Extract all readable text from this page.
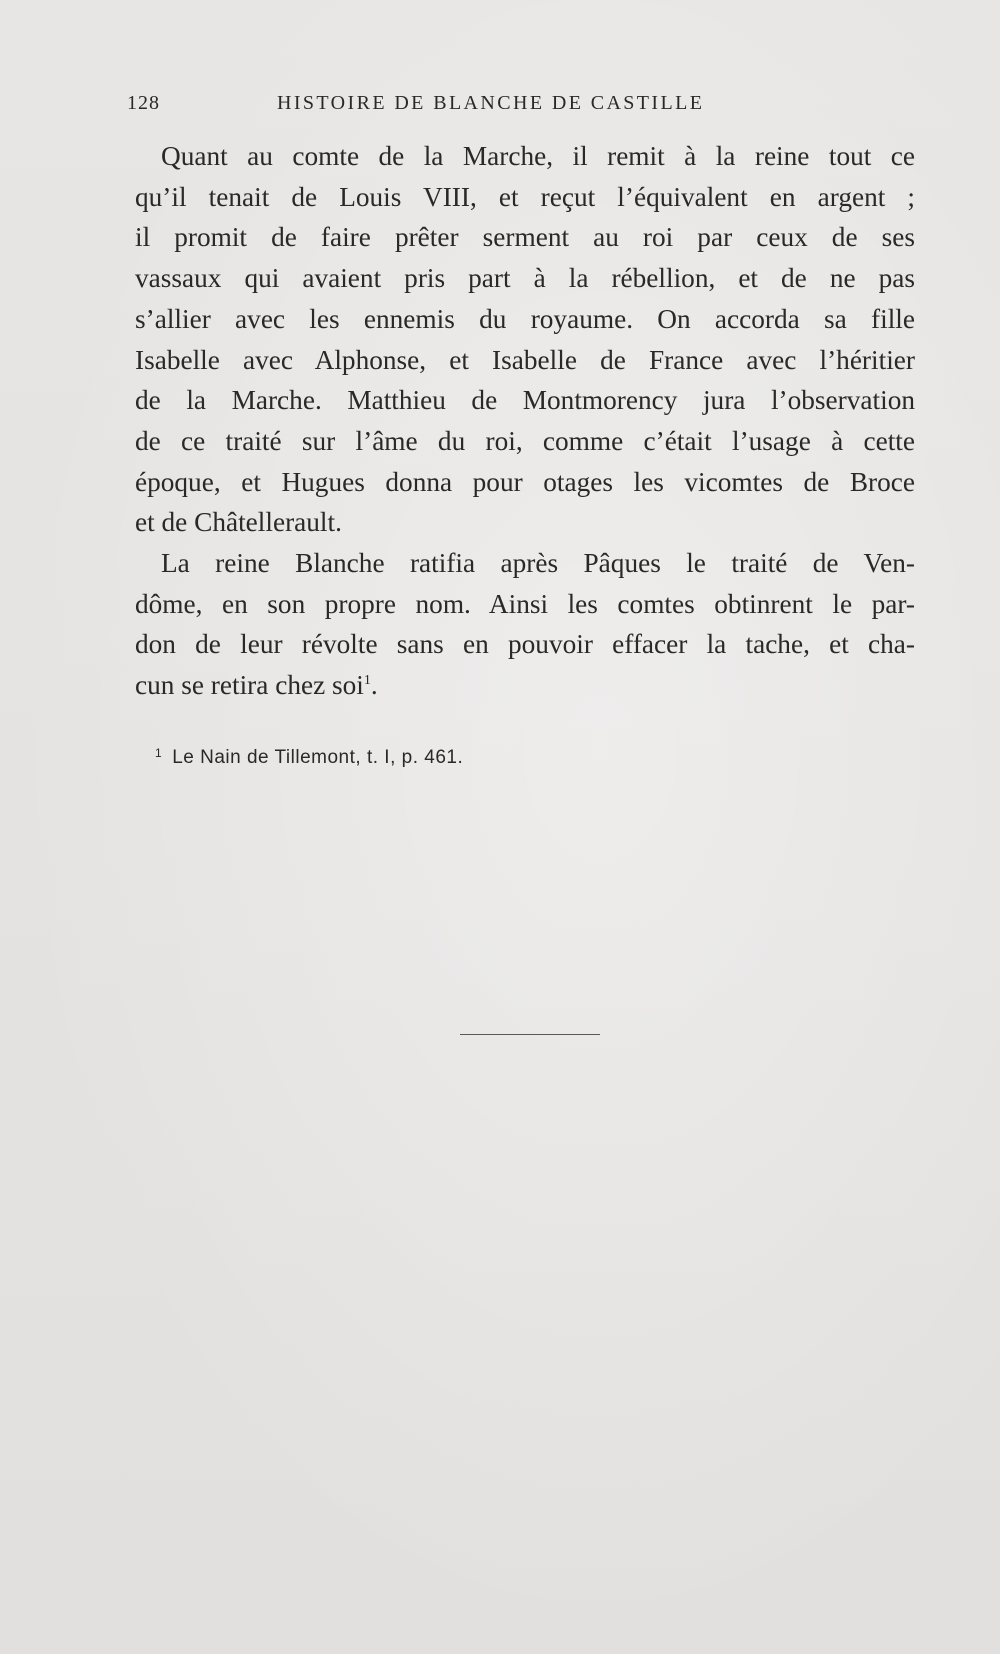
128	HISTOIRE DE BLANCHE DE CASTILLE
Quant au comte de la Marche, il remit à la reine tout ce
qu’il tenait de Louis VIII, et reçut l’équivalent en argent ;
il promit de faire prêter serment au roi par ceux de ses
vassaux qui avaient pris part à la rébellion, et de ne pas
s’allier avec les ennemis du royaume. On accorda sa fille
Isabelle avec Alphonse, et Isabelle de France avec l’héritier
de la Marche. Matthieu de Montmorency jura l’observation
de ce traité sur l’âme du roi, comme c’était l’usage à cette
époque, et Hugues donna pour otages les vicomtes de Broce
et de Châtellerault.
La reine Blanche ratifia après Pâques le traité de Ven-
dôme, en son propre nom. Ainsi les comtes obtinrent le par-
don de leur révolte sans en pouvoir effacer la tache, et cha-
cun se retira chez soi$^1$.
$^1$ Le Nain de Tillemont, t. I, p. 461.
